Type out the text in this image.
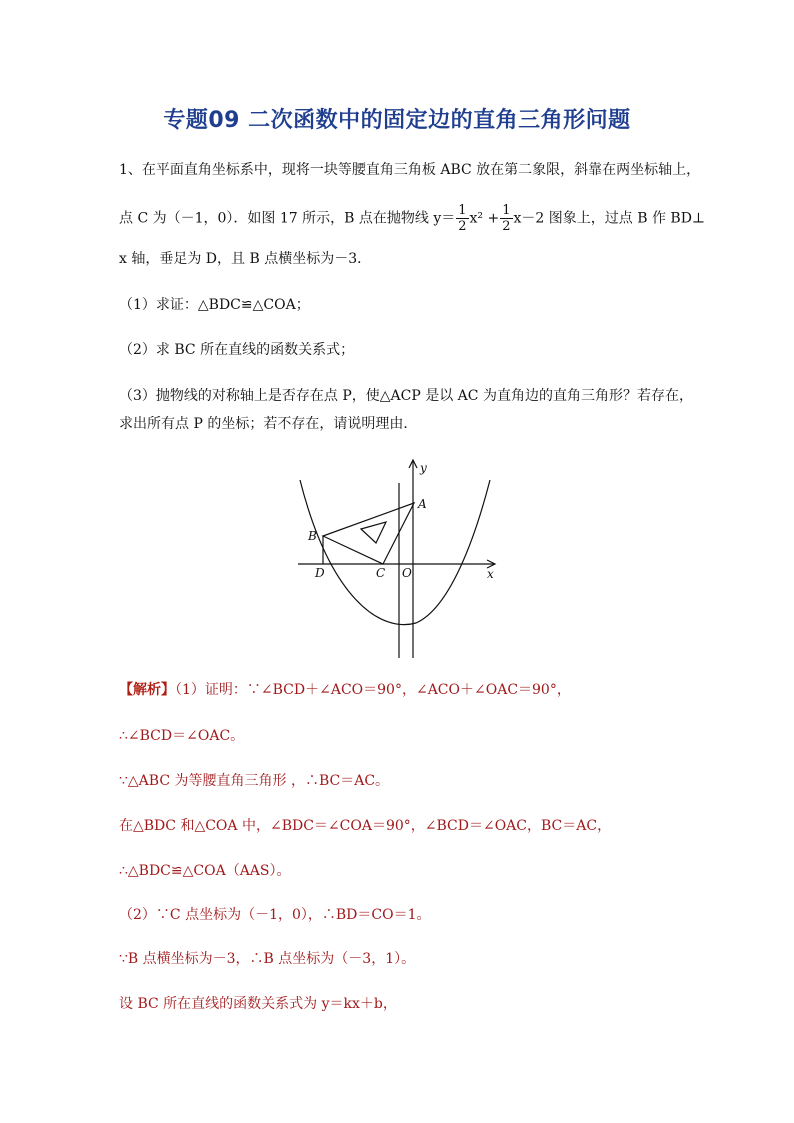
专题09 二次函数中的固定边的直角三角形问题
1、在平面直角坐标系中，现将一块等腰直角三角板 ABC 放在第二象限，斜靠在两坐标轴上，
点 C 为（－1，0）．如图 17 所示，B 点在抛物线 $y= \frac{1}{2} x^2 + \frac{1}{2} x-2$ 图象上，过点 B 作 BD⊥
x 轴，垂足为 D，且 B 点横坐标为－3．
（1）求证：△BDC≌△COA；
（2）求 BC 所在直线的函数关系式；
（3）抛物线的对称轴上是否存在点 P，使△ACP 是以 AC 为直角边的直角三角形？若存在，
求出所有点 P 的坐标；若不存在，请说明理由．
y
x
A
B
C
D	O
【解析】（1）证明：∵∠BCD＋∠ACO＝90°，∠ACO＋∠OAC＝90°，
∴∠BCD＝∠OAC。
∵△ABC 为等腰直角三角形 ，∴BC＝AC。
在△BDC 和△COA 中，∠BDC＝∠COA＝90°，∠BCD＝∠OAC，BC＝AC，
∴△BDC≌△COA（AAS）。
（2）∵C 点坐标为（－1，0），∴BD＝CO＝1。
∵B 点横坐标为－3，∴B 点坐标为（－3，1）。
设 BC 所在直线的函数关系式为 y＝kx＋b，
